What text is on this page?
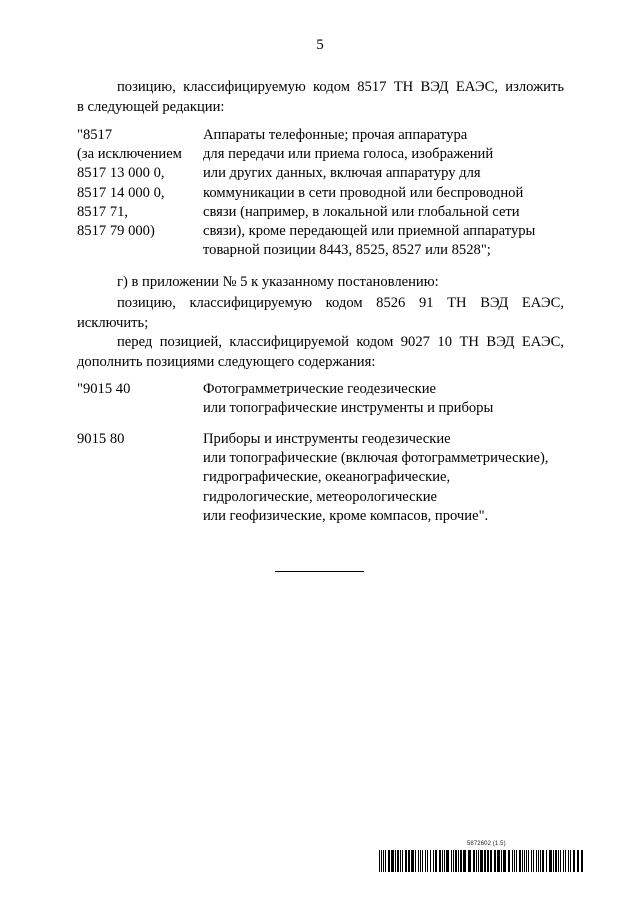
5

позицию, классифицируемую кодом 8517 ТН ВЭД ЕАЭС, изложить

в следующей редакции:

"8517
(за исключением
8517 13 000 0,
8517 14 000 0,
8517 71,
8517 79 000)
Аппараты телефонные; прочая аппаратура
для передачи или приема голоса, изображений
или других данных, включая аппаратуру для
коммуникации в сети проводной или беспроводной
связи (например, в локальной или глобальной сети
связи), кроме передающей или приемной аппаратуры
товарной позиции 8443, 8525, 8527 или 8528";

г) в приложении № 5 к указанному постановлению:

позицию, классифицируемую кодом 8526 91 ТН ВЭД ЕАЭС,

исключить;

перед позицией, классифицируемой кодом 9027 10 ТН ВЭД ЕАЭС,

дополнить позициями следующего содержания:

"9015 40	Фотограмметрические геодезические
или топографические инструменты и приборы
9015 80	Приборы и инструменты геодезические
или топографические (включая фотограмметрические),
гидрографические, океанографические,
гидрологические, метеорологические
или геофизические, кроме компасов, прочие".
5872602 (1.5)
